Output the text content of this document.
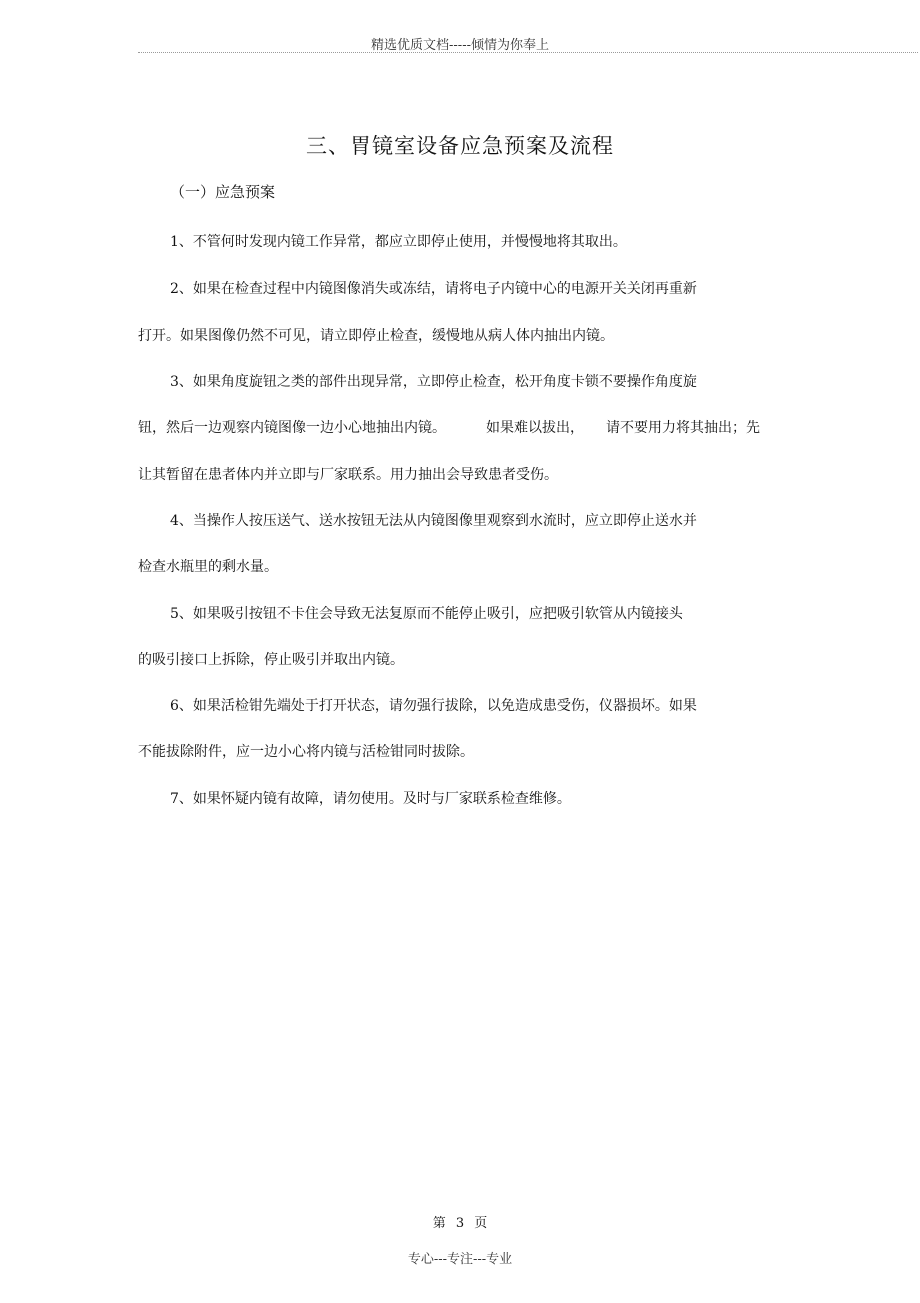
精选优质文档-----倾情为你奉上
三、胃镜室设备应急预案及流程
（一）应急预案
1、不管何时发现内镜工作异常，都应立即停止使用，并慢慢地将其取出。
2、如果在检查过程中内镜图像消失或冻结，请将电子内镜中心的电源开关关闭再重新
打开。如果图像仍然不可见，请立即停止检查，缓慢地从病人体内抽出内镜。
3、如果角度旋钮之类的部件出现异常，立即停止检查，松开角度卡锁不要操作角度旋
钮，然后一边观察内镜图像一边小心地抽出内镜。	如果难以拔出， 请不要用力将其抽出；先
让其暂留在患者体内并立即与厂家联系。用力抽出会导致患者受伤。
4、当操作人按压送气、送水按钮无法从内镜图像里观察到水流时，应立即停止送水并
检查水瓶里的剩水量。
5、如果吸引按钮不卡住会导致无法复原而不能停止吸引，应把吸引软管从内镜接头
的吸引接口上拆除，停止吸引并取出内镜。
6、如果活检钳先端处于打开状态，请勿强行拔除，以免造成患受伤，仪器损坏。如果
不能拔除附件，应一边小心将内镜与活检钳同时拔除。
7、如果怀疑内镜有故障，请勿使用。及时与厂家联系检查维修。
第 3 页
专心---专注---专业
